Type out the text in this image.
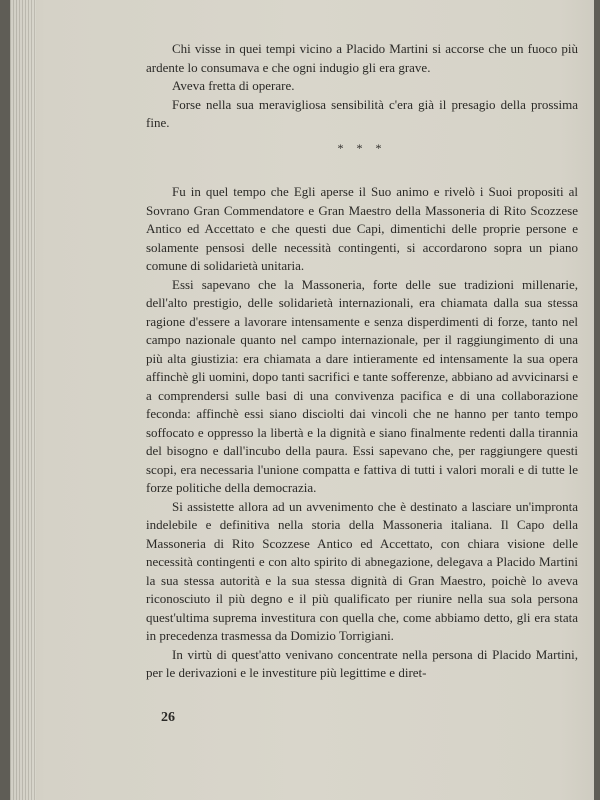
Chi visse in quei tempi vicino a Placido Martini si accorse che un fuoco più ardente lo consumava e che ogni indugio gli era grave.

Aveva fretta di operare.

Forse nella sua meravigliosa sensibilità c'era già il presagio della prossima fine.

* * *

Fu in quel tempo che Egli aperse il Suo animo e rivelò i Suoi propositi al Sovrano Gran Commendatore e Gran Maestro della Massoneria di Rito Scozzese Antico ed Accettato e che questi due Capi, dimentichi delle proprie persone e solamente pensosi delle necessità contingenti, si accordarono sopra un piano comune di solidarietà unitaria.

Essi sapevano che la Massoneria, forte delle sue tradizioni millenarie, dell'alto prestigio, delle solidarietà internazionali, era chiamata dalla sua stessa ragione d'essere a lavorare intensamente e senza disperdimenti di forze, tanto nel campo nazionale quanto nel campo internazionale, per il raggiungimento di una più alta giustizia: era chiamata a dare intieramente ed intensamente la sua opera affinchè gli uomini, dopo tanti sacrifici e tante sofferenze, abbiano ad avvicinarsi e a comprendersi sulle basi di una convivenza pacifica e di una collaborazione feconda: affinchè essi siano disciolti dai vincoli che ne hanno per tanto tempo soffocato e oppresso la libertà e la dignità e siano finalmente redenti dalla tirannia del bisogno e dall'incubo della paura. Essi sapevano che, per raggiungere questi scopi, era necessaria l'unione compatta e fattiva di tutti i valori morali e di tutte le forze politiche della democrazia.

Si assistette allora ad un avvenimento che è destinato a lasciare un'impronta indelebile e definitiva nella storia della Massoneria italiana. Il Capo della Massoneria di Rito Scozzese Antico ed Accettato, con chiara visione delle necessità contingenti e con alto spirito di abnegazione, delegava a Placido Martini la sua stessa autorità e la sua stessa dignità di Gran Maestro, poichè lo aveva riconosciuto il più degno e il più qualificato per riunire nella sua sola persona quest'ultima suprema investitura con quella che, come abbiamo detto, gli era stata in precedenza trasmessa da Domizio Torrigiani.

In virtù di quest'atto venivano concentrate nella persona di Placido Martini, per le derivazioni e le investiture più legittime e diret-

26
